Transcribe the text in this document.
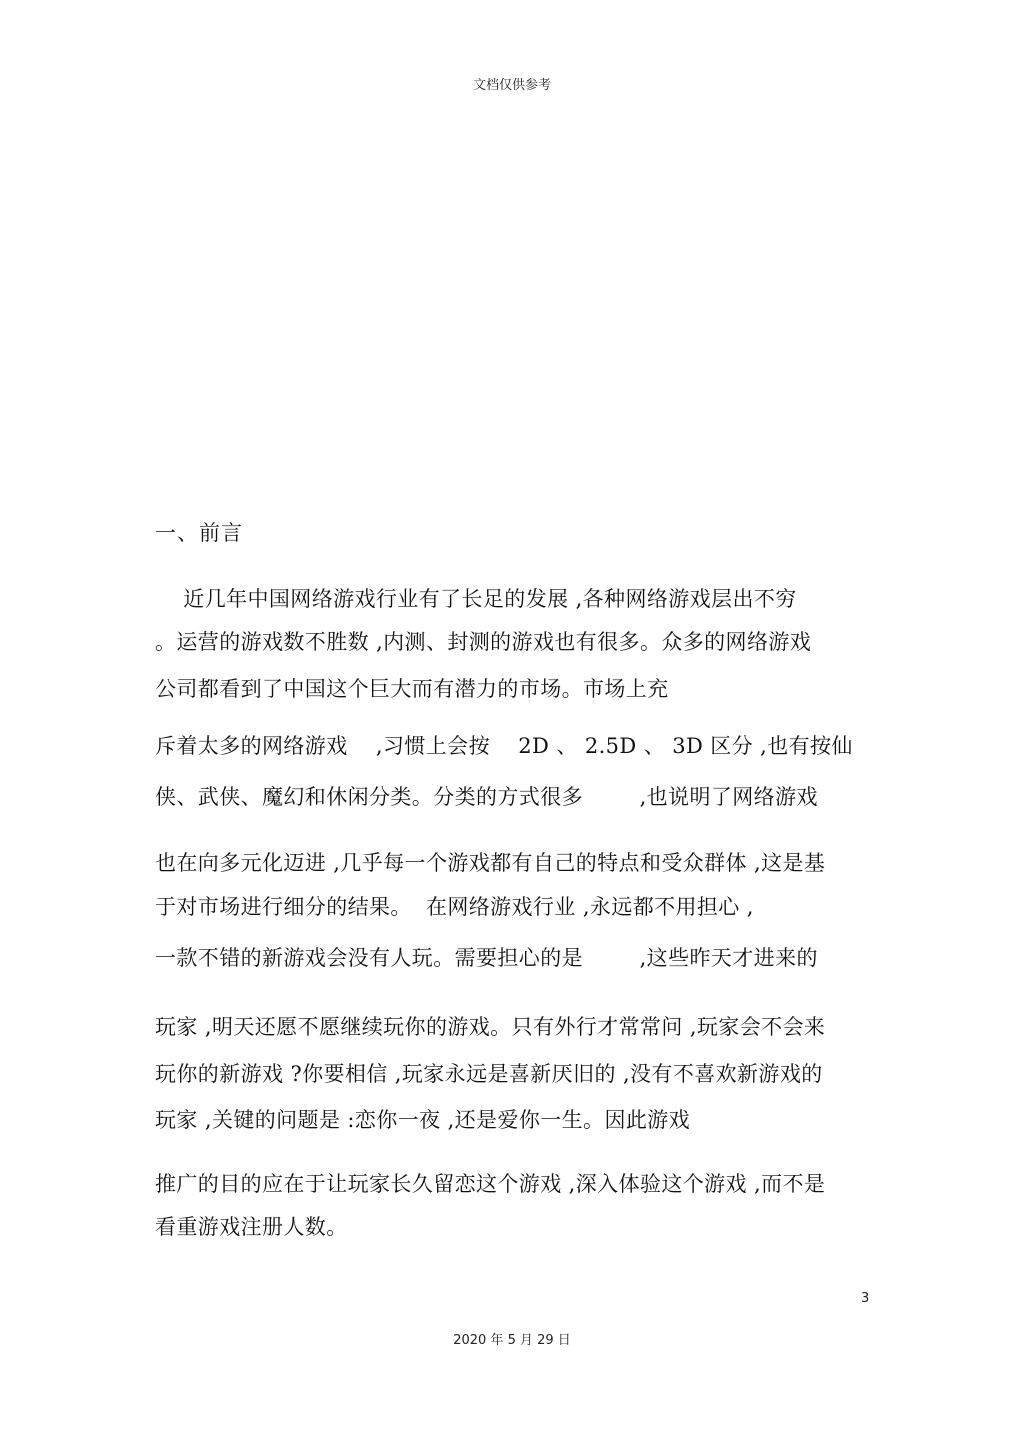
文档仅供参考
一、前言
近几年中国网络游戏行业有了长足的发展 ,各种网络游戏层出不穷
。运营的游戏数不胜数 ,内测、封测的游戏也有很多。众多的网络游戏
公司都看到了中国这个巨大而有潜力的市场。市场上充
斥着太多的网络游戏    ,习惯上会按    2D 、 2.5D 、 3D 区分 ,也有按仙
侠、武侠、魔幻和休闲分类。分类的方式很多        ,也说明了网络游戏
也在向多元化迈进 ,几乎每一个游戏都有自己的特点和受众群体 ,这是基
于对市场进行细分的结果。  在网络游戏行业 ,永远都不用担心 ,
一款不错的新游戏会没有人玩。需要担心的是        ,这些昨天才进来的
玩家 ,明天还愿不愿继续玩你的游戏。只有外行才常常问 ,玩家会不会来
玩你的新游戏 ?你要相信 ,玩家永远是喜新厌旧的 ,没有不喜欢新游戏的
玩家 ,关键的问题是 :恋你一夜 ,还是爱你一生。因此游戏
推广的目的应在于让玩家长久留恋这个游戏 ,深入体验这个游戏 ,而不是
看重游戏注册人数。
3
2020 年 5 月 29 日
